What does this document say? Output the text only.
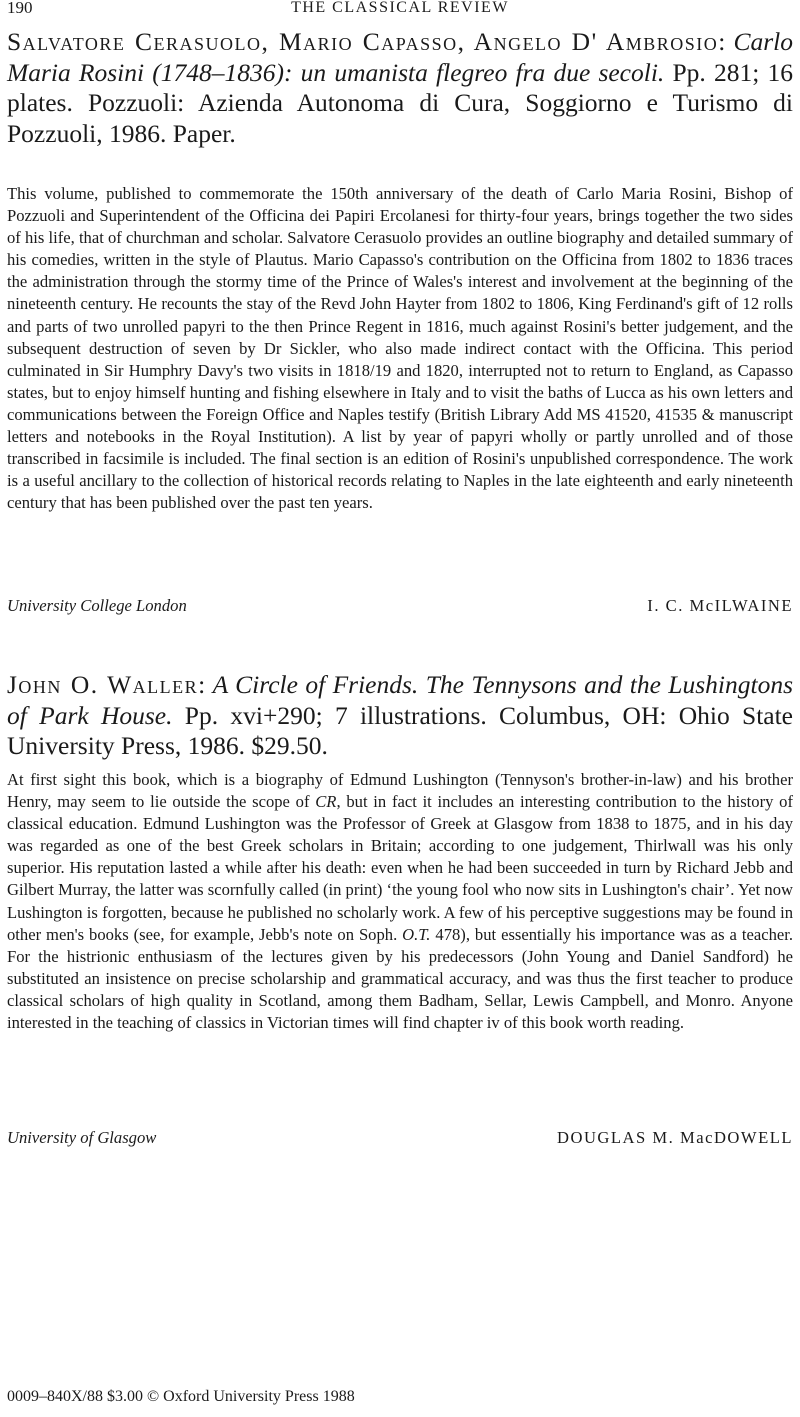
190	THE CLASSICAL REVIEW
Salvatore Cerasuolo, Mario Capasso, Angelo D' Ambrosio: Carlo Maria Rosini (1748–1836): un umanista flegreo fra due secoli. Pp. 281; 16 plates. Pozzuoli: Azienda Autonoma di Cura, Soggiorno e Turismo di Pozzuoli, 1986. Paper.

This volume, published to commemorate the 150th anniversary of the death of Carlo Maria Rosini, Bishop of Pozzuoli and Superintendent of the Officina dei Papiri Ercolanesi for thirty-four years, brings together the two sides of his life, that of churchman and scholar. Salvatore Cerasuolo provides an outline biography and detailed summary of his comedies, written in the style of Plautus. Mario Capasso's contribution on the Officina from 1802 to 1836 traces the administration through the stormy time of the Prince of Wales's interest and involvement at the beginning of the nineteenth century. He recounts the stay of the Revd John Hayter from 1802 to 1806, King Ferdinand's gift of 12 rolls and parts of two unrolled papyri to the then Prince Regent in 1816, much against Rosini's better judgement, and the subsequent destruction of seven by Dr Sickler, who also made indirect contact with the Officina. This period culminated in Sir Humphry Davy's two visits in 1818/19 and 1820, interrupted not to return to England, as Capasso states, but to enjoy himself hunting and fishing elsewhere in Italy and to visit the baths of Lucca as his own letters and communications between the Foreign Office and Naples testify (British Library Add MS 41520, 41535 & manuscript letters and notebooks in the Royal Institution). A list by year of papyri wholly or partly unrolled and of those transcribed in facsimile is included. The final section is an edition of Rosini's unpublished correspondence. The work is a useful ancillary to the collection of historical records relating to Naples in the late eighteenth and early nineteenth century that has been published over the past ten years.

University College London	I. C. McILWAINE
John O. Waller: A Circle of Friends. The Tennysons and the Lushingtons of Park House. Pp. xvi+290; 7 illustrations. Columbus, OH: Ohio State University Press, 1986. $29.50.

At first sight this book, which is a biography of Edmund Lushington (Tennyson's brother-in-law) and his brother Henry, may seem to lie outside the scope of CR, but in fact it includes an interesting contribution to the history of classical education. Edmund Lushington was the Professor of Greek at Glasgow from 1838 to 1875, and in his day was regarded as one of the best Greek scholars in Britain; according to one judgement, Thirlwall was his only superior. His reputation lasted a while after his death: even when he had been succeeded in turn by Richard Jebb and Gilbert Murray, the latter was scornfully called (in print) ‘the young fool who now sits in Lushington's chair’. Yet now Lushington is forgotten, because he published no scholarly work. A few of his perceptive suggestions may be found in other men's books (see, for example, Jebb's note on Soph. O.T. 478), but essentially his importance was as a teacher. For the histrionic enthusiasm of the lectures given by his predecessors (John Young and Daniel Sandford) he substituted an insistence on precise scholarship and grammatical accuracy, and was thus the first teacher to produce classical scholars of high quality in Scotland, among them Badham, Sellar, Lewis Campbell, and Monro. Anyone interested in the teaching of classics in Victorian times will find chapter iv of this book worth reading.

University of Glasgow	DOUGLAS M. MacDOWELL
0009–840X/88 $3.00 © Oxford University Press 1988
